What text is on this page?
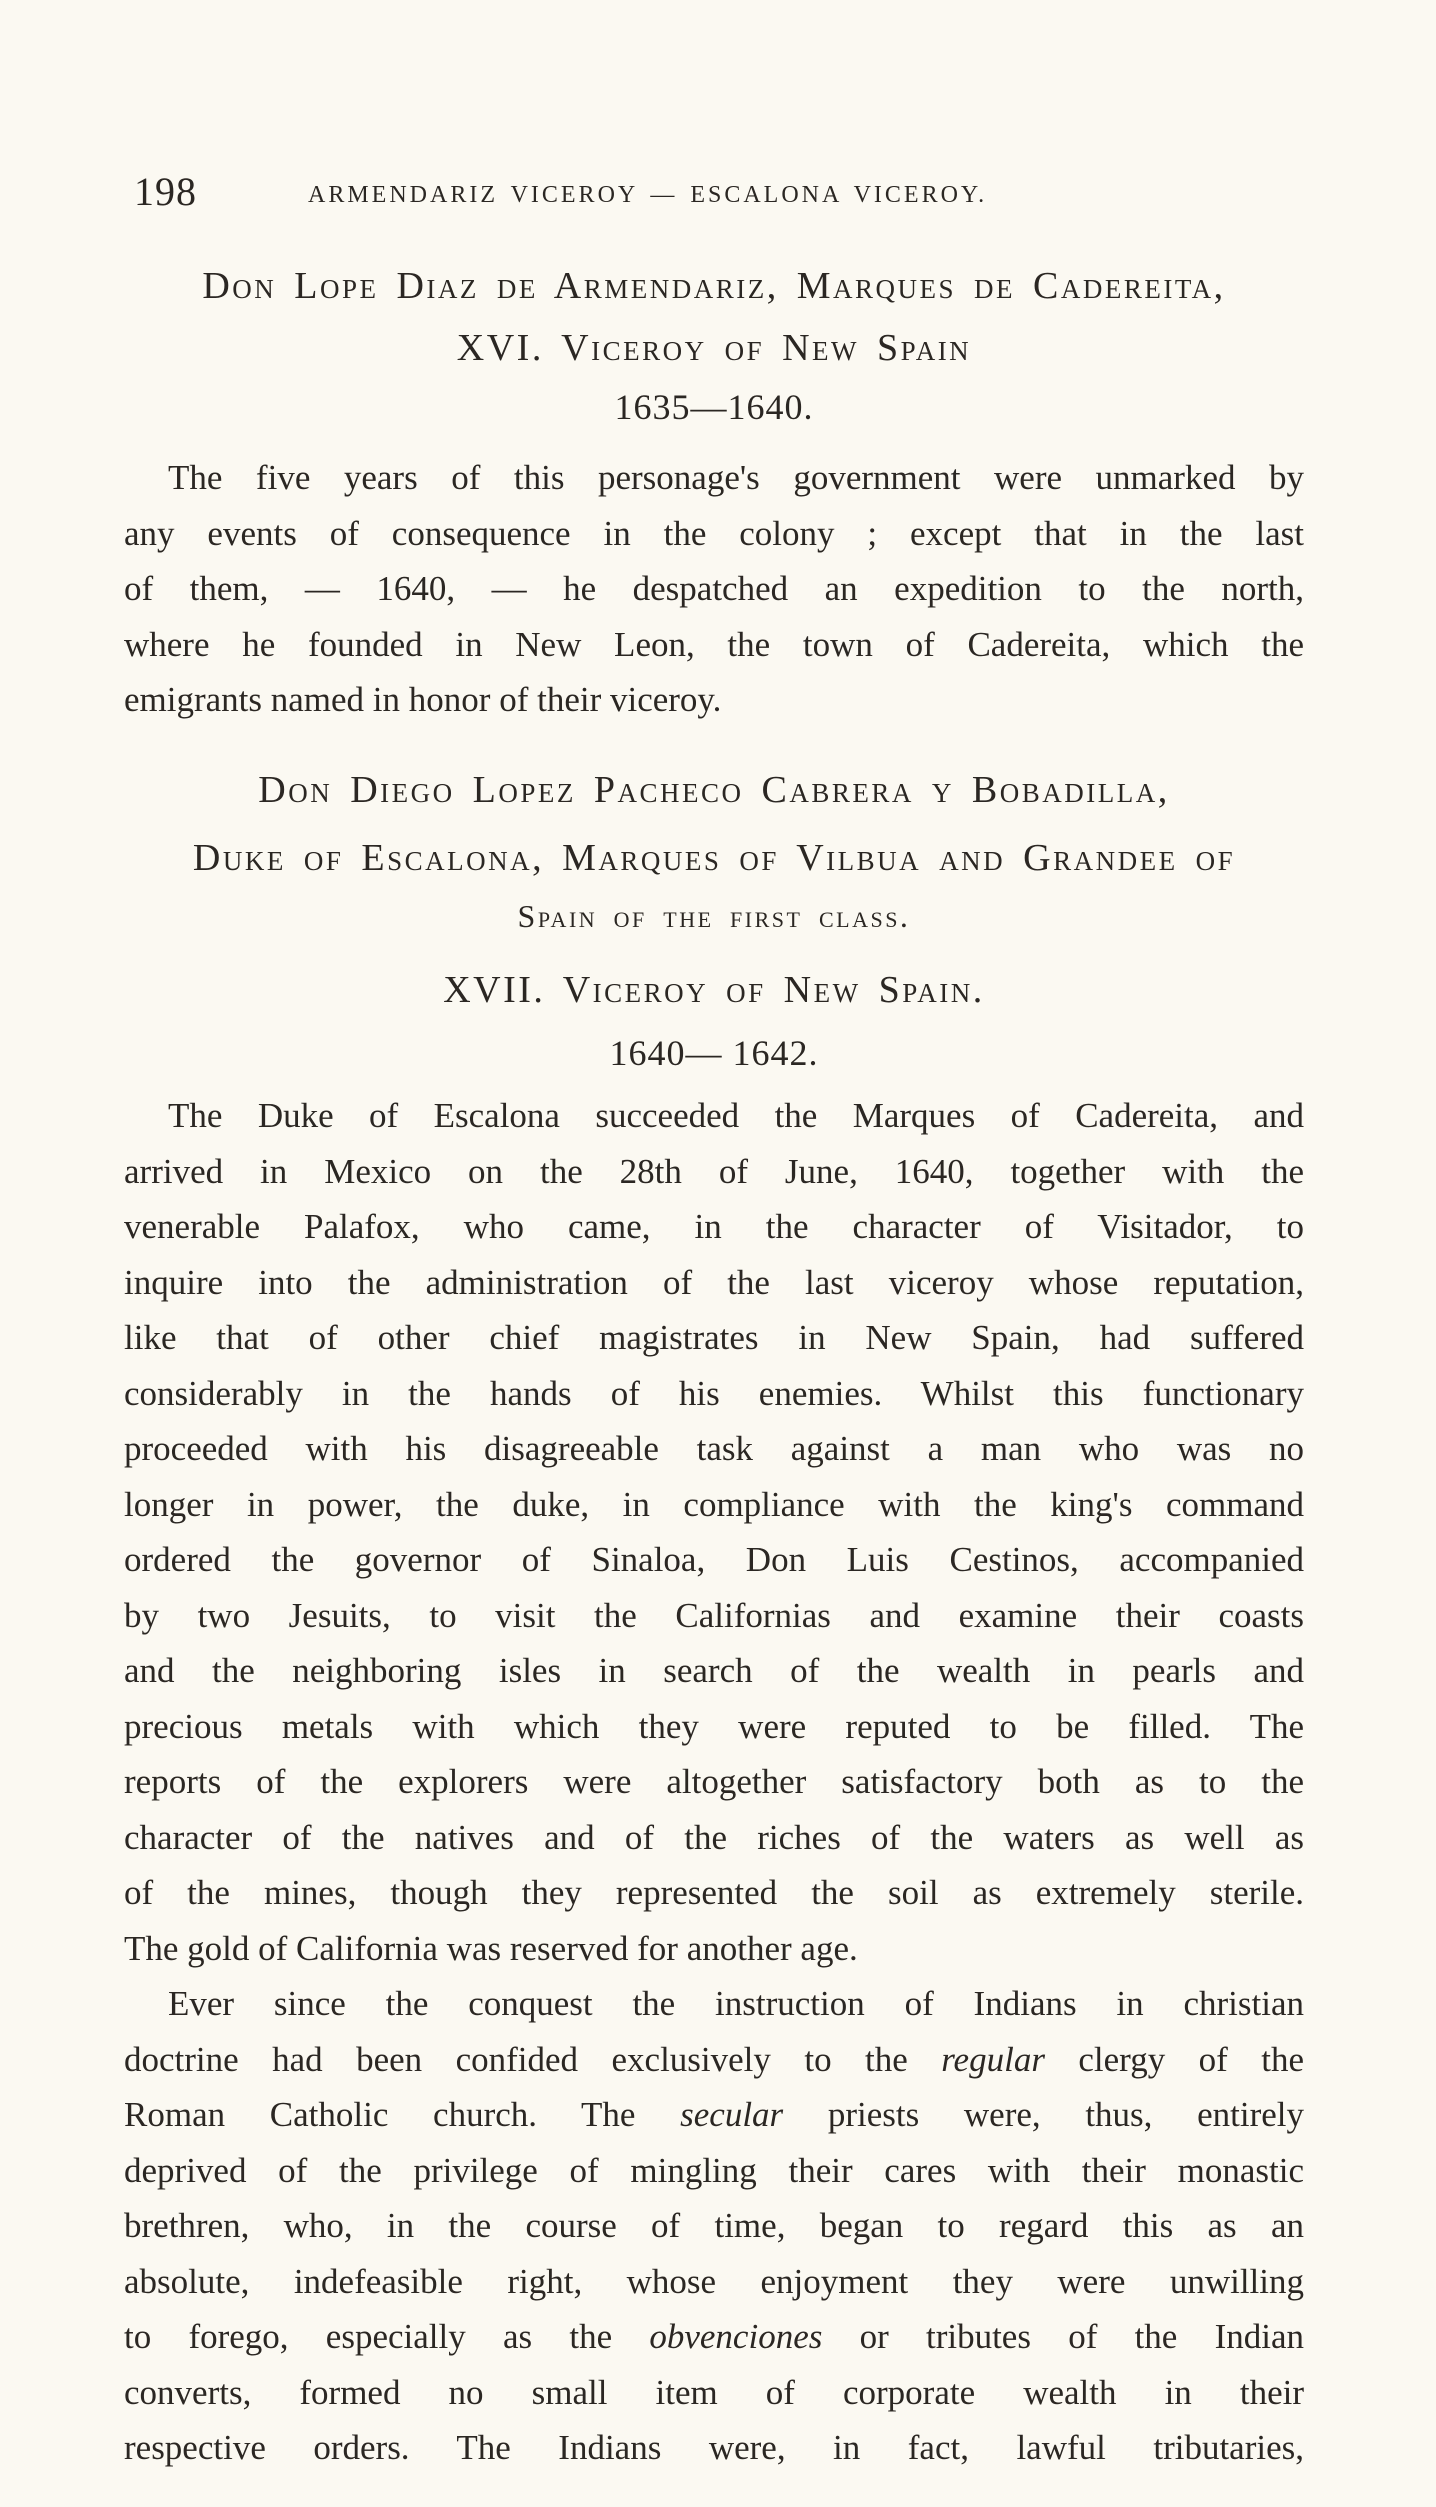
198	ARMENDARIZ VICEROY — ESCALONA VICEROY.
Don Lope Diaz de Armendariz, Marques de Cadereita,
XVI. Viceroy of New Spain
1635—1640.
The five years of this personage's government were unmarked by
any events of consequence in the colony ; except that in the last
of them, — 1640, — he despatched an expedition to the north,
where he founded in New Leon, the town of Cadereita, which the
emigrants named in honor of their viceroy.
Don Diego Lopez Pacheco Cabrera y Bobadilla,
Duke of Escalona, Marques of Vilbua and Grandee of
Spain of the first class.
XVII. Viceroy of New Spain.
1640— 1642.
The Duke of Escalona succeeded the Marques of Cadereita, and
arrived in Mexico on the 28th of June, 1640, together with the
venerable Palafox, who came, in the character of Visitador, to
inquire into the administration of the last viceroy whose reputation,
like that of other chief magistrates in New Spain, had suffered
considerably in the hands of his enemies. Whilst this functionary
proceeded with his disagreeable task against a man who was no
longer in power, the duke, in compliance with the king's command
ordered the governor of Sinaloa, Don Luis Cestinos, accompanied
by two Jesuits, to visit the Californias and examine their coasts
and the neighboring isles in search of the wealth in pearls and
precious metals with which they were reputed to be filled. The
reports of the explorers were altogether satisfactory both as to the
character of the natives and of the riches of the waters as well as
of the mines, though they represented the soil as extremely sterile.
The gold of California was reserved for another age.
Ever since the conquest the instruction of Indians in christian
doctrine had been confided exclusively to the regular clergy of the
Roman Catholic church. The secular priests were, thus, entirely
deprived of the privilege of mingling their cares with their monastic
brethren, who, in the course of time, began to regard this as an
absolute, indefeasible right, whose enjoyment they were unwilling
to forego, especially as the obvenciones or tributes of the Indian
converts, formed no small item of corporate wealth in their
respective orders. The Indians were, in fact, lawful tributaries,
